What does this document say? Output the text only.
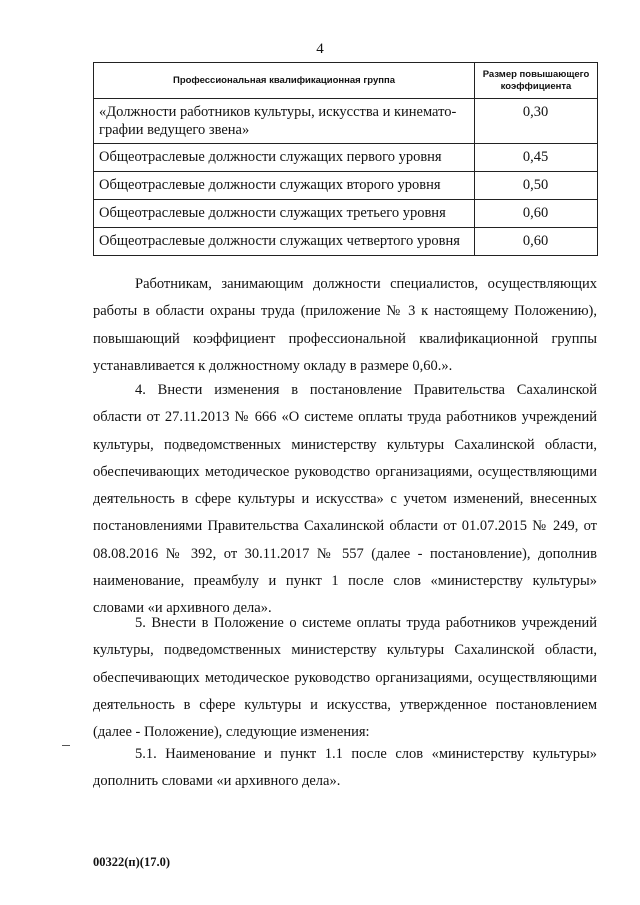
4
Профессиональная квалификационная группа	Размер повышающего коэффициента
«Должности работников культуры, искусства и кинемато-графии ведущего звена»	0,30
Общеотраслевые должности служащих первого уровня	0,45
Общеотраслевые должности служащих второго уровня	0,50
Общеотраслевые должности служащих третьего уровня	0,60
Общеотраслевые должности служащих четвертого уровня	0,60

Работникам, занимающим должности специалистов, осуществляющих работы в области охраны труда (приложение № 3 к настоящему Положению), повышающий коэффициент профессиональной квалификационной группы устанавливается к должностному окладу в размере 0,60.».

4. Внести изменения в постановление Правительства Сахалинской области от 27.11.2013 № 666 «О системе оплаты труда работников учреждений культуры, подведомственных министерству культуры Сахалинской области, обеспечивающих методическое руководство организациями, осуществляющими деятельность в сфере культуры и искусства» с учетом изменений, внесенных постановлениями Правительства Сахалинской области от 01.07.2015 № 249, от 08.08.2016 № 392, от 30.11.2017 № 557 (далее - постановление), дополнив наименование, преамбулу и пункт 1 после слов «министерству культуры» словами «и архивного дела».

5. Внести в Положение о системе оплаты труда работников учреждений культуры, подведомственных министерству культуры Сахалинской области, обеспечивающих методическое руководство организациями, осуществляющими деятельность в сфере культуры и искусства, утвержденное постановлением (далее - Положение), следующие изменения:

5.1. Наименование и пункт 1.1 после слов «министерству культуры» дополнить словами «и архивного дела».

00322(п)(17.0)
